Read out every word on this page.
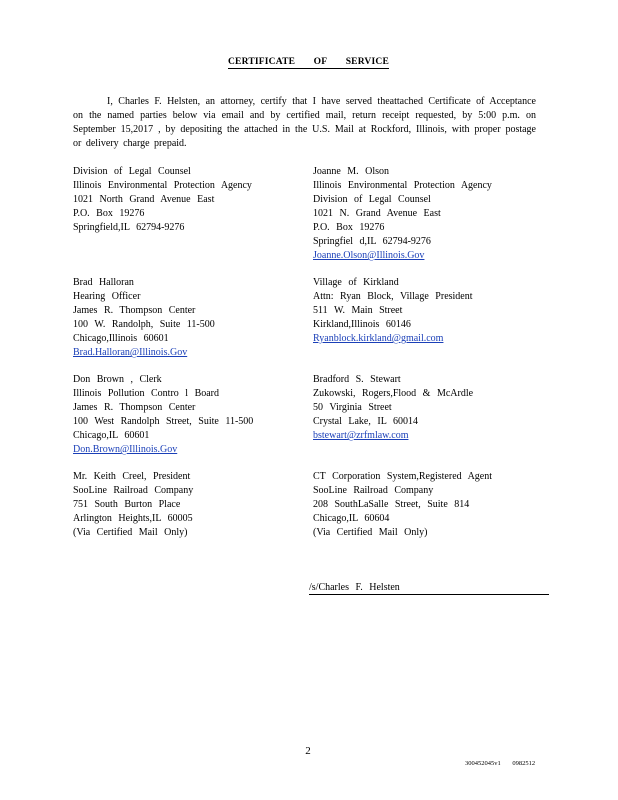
CERTIFICATE OF SERVICE
I, Charles F. Helsten, an attorney, certify that I have served theattached Certificate of Acceptance on the named parties below via email and by certified mail, return receipt requested, by 5:00 p.m. on September 15,2017 , by depositing the attached in the U.S. Mail at Rockford, Illinois, with proper postage or delivery charge prepaid.
Division of Legal Counsel
Illinois Environmental Protection Agency
1021 North Grand Avenue East
P.O. Box 19276
Springfield,IL 62794-9276
Joanne M. Olson
Illinois Environmental Protection Agency
Division of Legal Counsel
1021 N. Grand Avenue East
P.O. Box 19276
Springfiel d,IL 62794-9276
Joanne.Olson@Illinois.Gov
Brad Halloran
Hearing Officer
James R. Thompson Center
100 W. Randolph, Suite 11-500
Chicago,Illinois 60601
Brad.Halloran@Illinois.Gov
Village of Kirkland
Attn: Ryan Block, Village President
511 W. Main Street
Kirkland,Illinois 60146
Ryanblock.kirkland@gmail.com
Don Brown , Clerk
Illinois Pollution Contro l Board
James R. Thompson Center
100 West Randolph Street, Suite 11-500
Chicago,IL 60601
Don.Brown@Illinois.Gov
Bradford S. Stewart
Zukowski, Rogers,Flood & McArdle
50 Virginia Street
Crystal Lake, IL 60014
bstewart@zrfmlaw.com
Mr. Keith Creel, President
SooLine Railroad Company
751 South Burton Place
Arlington Heights,IL 60005
(Via Certified Mail Only)
CT Corporation System,Registered Agent
SooLine Railroad Company
208 SouthLaSalle Street, Suite 814
Chicago,IL 60604
(Via Certified Mail Only)
/s/Charles F. Helsten
2
30045204​5v1 0982512
